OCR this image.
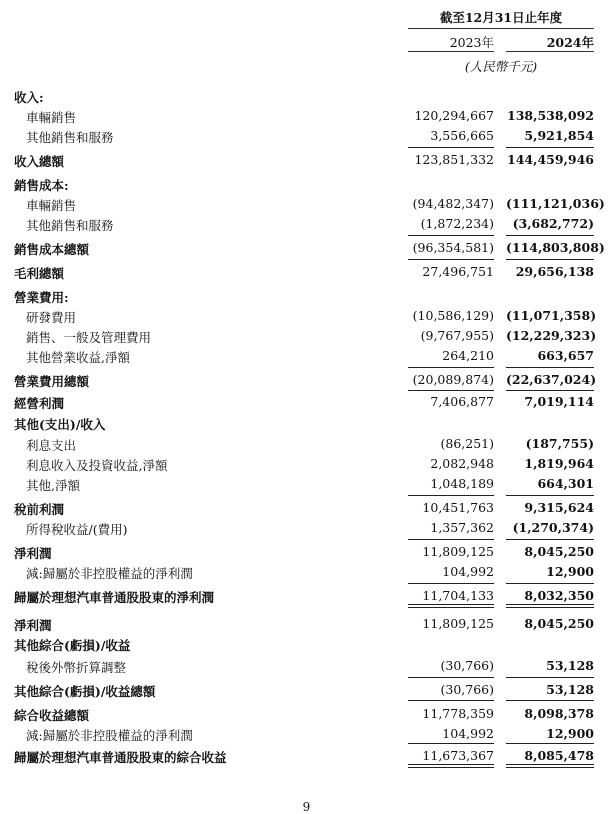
截至12月31日止年度
2023年	2024年
(人民幣千元)
收入:
車輛銷售	120,294,667 138,538,092
其他銷售和服務	3,556,665	5,921,854
收入總額	123,851,332 144,459,946
銷售成本:
車輛銷售	(94,482,347) (111,121,036)
其他銷售和服務	(1,872,234)	(3,682,772)
銷售成本總額	(96,354,581) (114,803,808)
毛利總額	27,496,751	29,656,138
營業費用:
研發費用	(10,586,129) (11,071,358)
銷售、一般及管理費用	(9,767,955) (12,229,323)
其他營業收益,淨額	264,210	663,657
營業費用總額	(20,089,874) (22,637,024)
經營利潤	7,406,877	7,019,114
其他(支出)/收入
利息支出	(86,251)	(187,755)
利息收入及投資收益,淨額	2,082,948	1,819,964
其他,淨額	1,048,189	664,301
稅前利潤	10,451,763	9,315,624
所得稅收益/(費用)	1,357,362	(1,270,374)
淨利潤	11,809,125	8,045,250
減:歸屬於非控股權益的淨利潤	104,992	12,900
歸屬於理想汽車普通股股東的淨利潤	11,704,133	8,032,350
淨利潤	11,809,125	8,045,250
其他綜合(虧損)/收益
稅後外幣折算調整	(30,766)	53,128
其他綜合(虧損)/收益總額	(30,766)	53,128
綜合收益總額	11,778,359	8,098,378
減:歸屬於非控股權益的淨利潤	104,992	12,900
歸屬於理想汽車普通股股東的綜合收益	11,673,367	8,085,478
9
